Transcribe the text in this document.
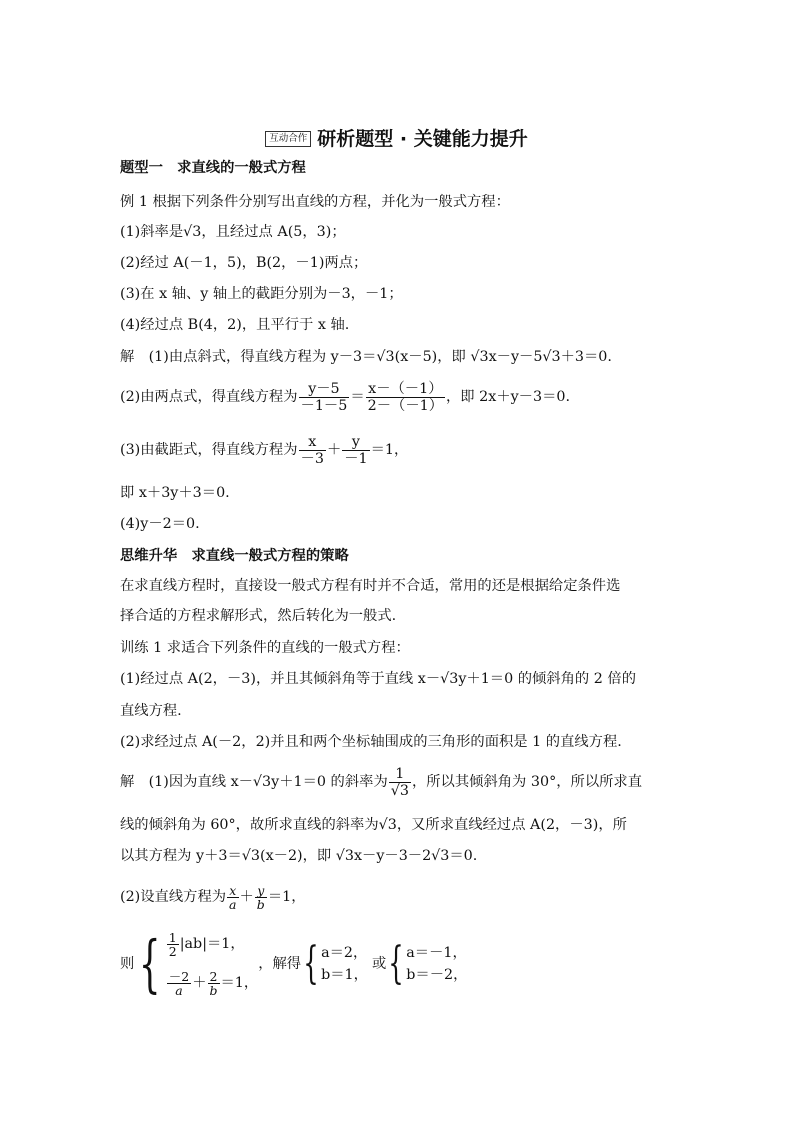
互动合作 研析题型 · 关键能力提升
题型一　求直线的一般式方程
例 1 根据下列条件分别写出直线的方程，并化为一般式方程：
(1)斜率是√3，且经过点 A(5，3)；
(2)经过 A(－1，5)，B(2，－1)两点；
(3)在 x 轴、y 轴上的截距分别为－3，－1；
(4)经过点 B(4，2)，且平行于 x 轴.
解　(1)由点斜式，得直线方程为 y－3＝√3(x－5)，即 √3x－y－5√3＋3＝0.
(2)由两点式，得直线方程为 $\frac{y-5}{-1-5} = \frac{x-(-1)}{2-(-1)}$ ，即 2x＋y－3＝0.
(3)由截距式，得直线方程为 $\frac{x}{-3} + \frac{y}{-1} =1$，
即 x＋3y＋3＝0.
(4)y－2＝0.
思维升华　求直线一般式方程的策略
在求直线方程时，直接设一般式方程有时并不合适，常用的还是根据给定条件选
择合适的方程求解形式，然后转化为一般式.
训练 1 求适合下列条件的直线的一般式方程：
(1)经过点 A(2，－3)，并且其倾斜角等于直线 x－√3y＋1＝0 的倾斜角的 2 倍的
直线方程.
(2)求经过点 A(－2，2)并且和两个坐标轴围成的三角形的面积是 1 的直线方程.
解　(1)因为直线 x－√3y＋1＝0 的斜率为 $\frac{1}{√3}$ ，所以其倾斜角为 30°，所以所求直
线的倾斜角为 60°，故所求直线的斜率为√3，又所求直线经过点 A(2，－3)，所
以其方程为 y＋3＝√3(x－2)，即 √3x－y－3－2√3＝0.
(2)设直线方程为 $\frac{x}{a} + \frac{y}{b} =1$，
则{ $\frac{1}{2} |ab|=1$，
$\frac{-2}{a} + \frac{2}{b} =1$，
，解得{ a＝2，
b＝1，
或{ a＝－1，
b＝－2，
